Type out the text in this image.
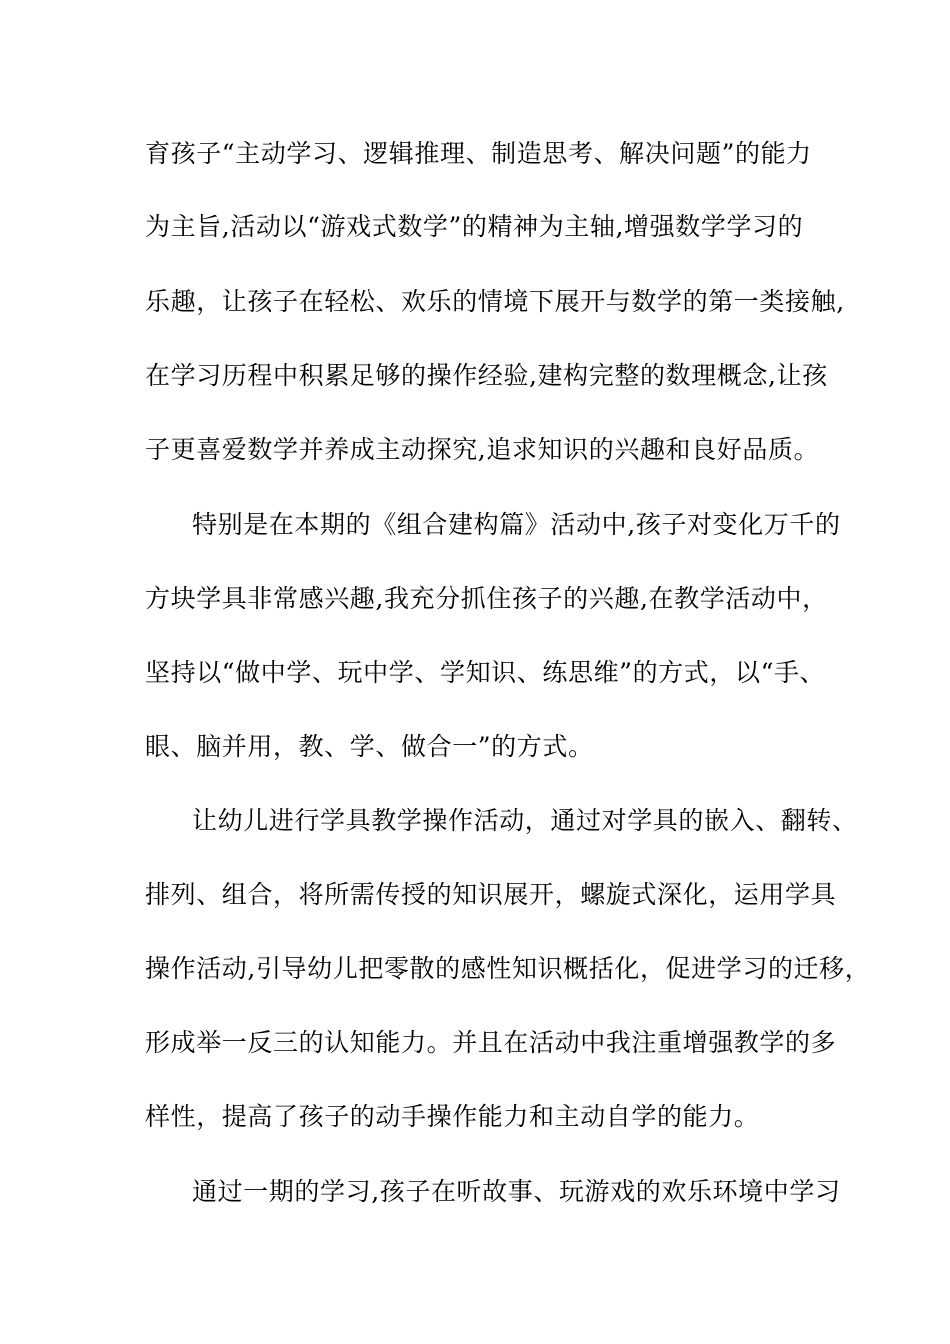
育孩子“主动学习、逻辑推理、制造思考、解决问题”的能力
为主旨,活动以“游戏式数学”的精神为主轴,增强数学学习的
乐趣，让孩子在轻松、欢乐的情境下展开与数学的第一类接触,
在学习历程中积累足够的操作经验,建构完整的数理概念,让孩
子更喜爱数学并养成主动探究,追求知识的兴趣和良好品质。
特别是在本期的《组合建构篇》活动中,孩子对变化万千的
方块学具非常感兴趣,我充分抓住孩子的兴趣,在教学活动中，
坚持以“做中学、玩中学、学知识、练思维”的方式，以“手、
眼、脑并用，教、学、做合一”的方式。
让幼儿进行学具教学操作活动，通过对学具的嵌入、翻转、
排列、组合，将所需传授的知识展开，螺旋式深化，运用学具
操作活动,引导幼儿把零散的感性知识概括化，促进学习的迁移，
形成举一反三的认知能力。并且在活动中我注重增强教学的多
样性，提高了孩子的动手操作能力和主动自学的能力。
通过一期的学习,孩子在听故事、玩游戏的欢乐环境中学习
